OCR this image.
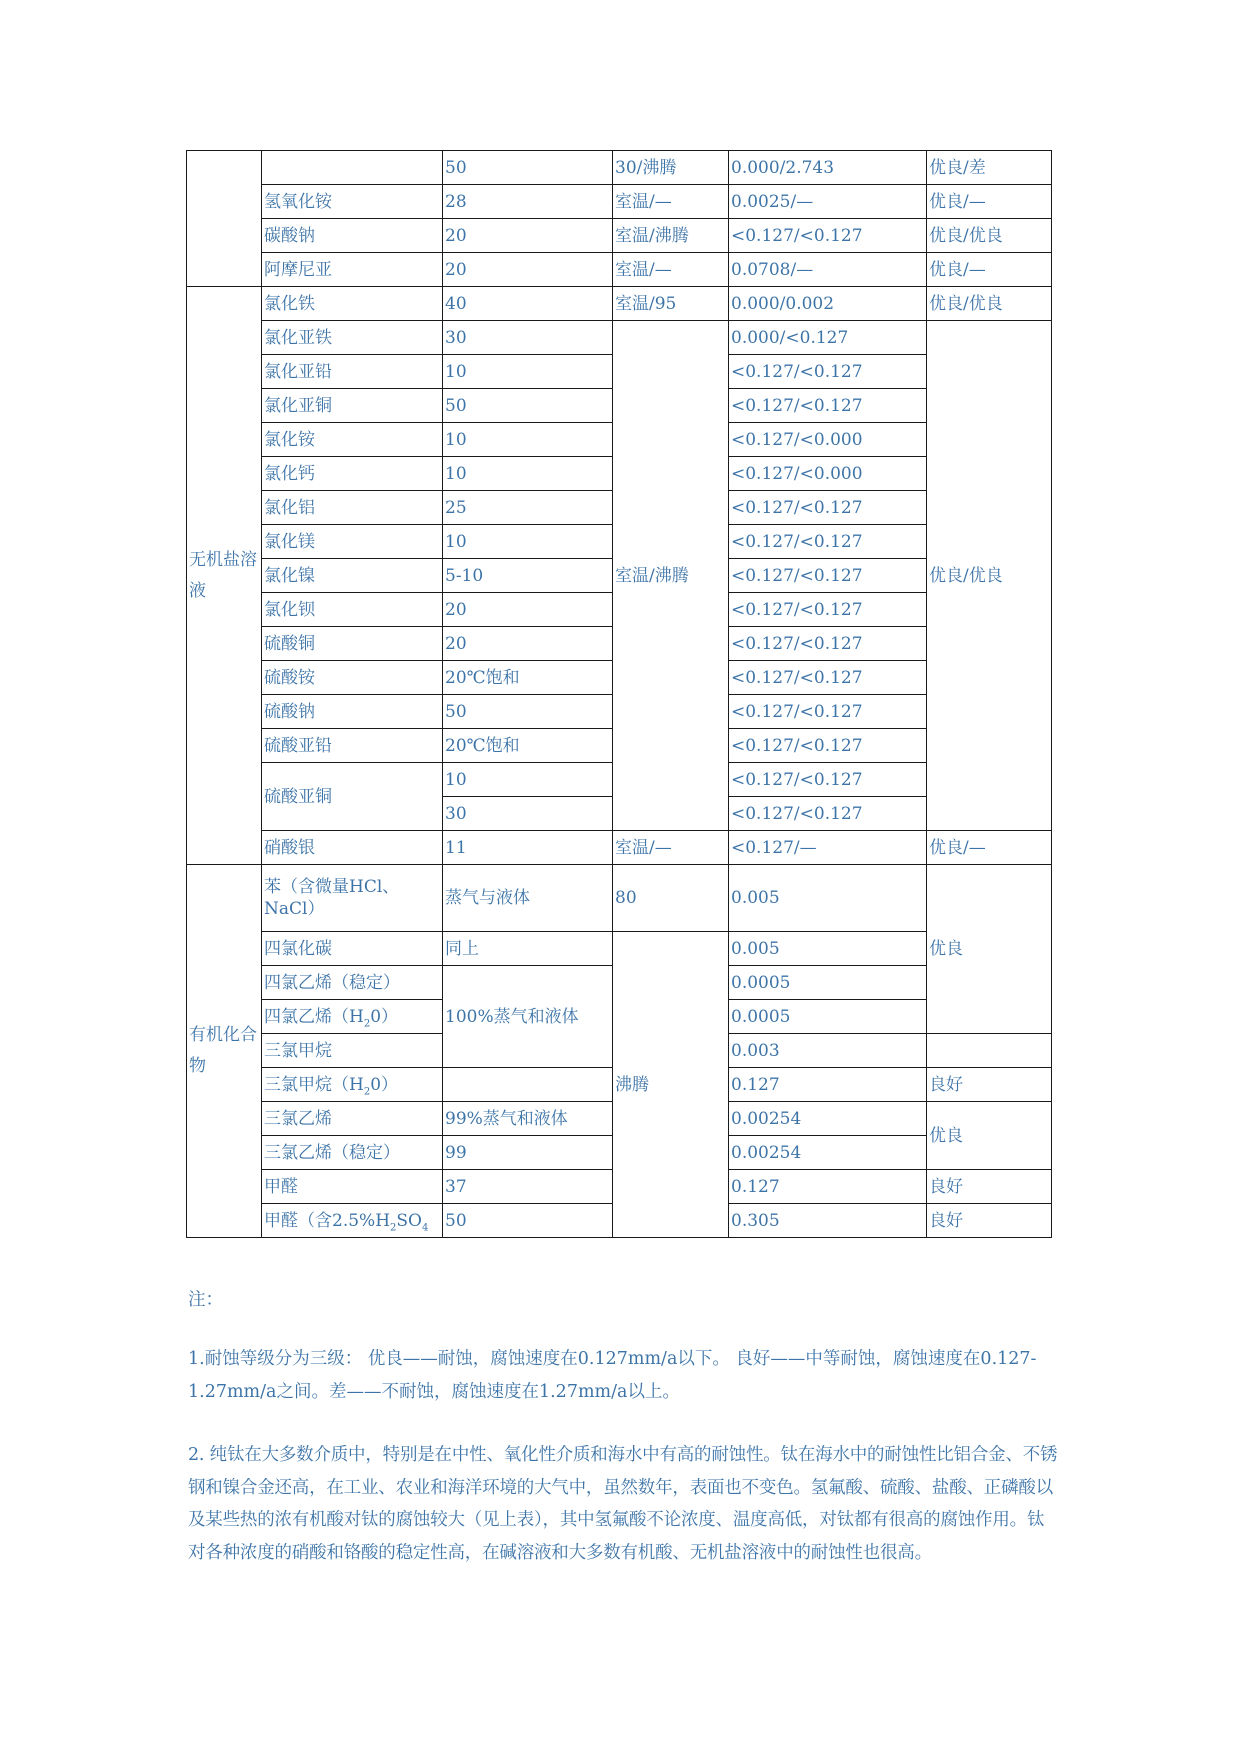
		50	30/沸腾	0.000/2.743	优良/差
	氢氧化铵	28	室温/—	0.0025/—	优良/—
	碳酸钠	20	室温/沸腾	<0.127/<0.127	优良/优良
	阿摩尼亚	20	室温/—	0.0708/—	优良/—
无机盐溶液	氯化铁	40	室温/95	0.000/0.002	优良/优良
	氯化亚铁	30	室温/沸腾	0.000/<0.127	优良/优良
	氯化亚铅	10		<0.127/<0.127	
	氯化亚铜	50		<0.127/<0.127	
	氯化铵	10		<0.127/<0.000	
	氯化钙	10		<0.127/<0.000	
	氯化铝	25		<0.127/<0.127	
	氯化镁	10		<0.127/<0.127	
	氯化镍	5-10		<0.127/<0.127	
	氯化钡	20		<0.127/<0.127	
	硫酸铜	20		<0.127/<0.127	
	硫酸铵	20℃饱和		<0.127/<0.127	
	硫酸钠	50		<0.127/<0.127	
	硫酸亚铅	20℃饱和		<0.127/<0.127	
	硫酸亚铜	10		<0.127/<0.127	
		30		<0.127/<0.127	
	硝酸银	11	室温/—	<0.127/—	优良/—
有机化合物	苯（含微量HCl、NaCl）	蒸气与液体	80	0.005	优良
	四氯化碳	同上	沸腾	0.005	
	四氯乙烯（稳定）	100%蒸气和液体		0.0005	
	四氯乙烯$(H_20)$			0.0005	
	三氯甲烷			0.003	
	三氯甲烷$(H_20)$			0.127	良好
	三氯乙烯	99%蒸气和液体		0.00254	优良
	三氯乙烯（稳定）	99		0.00254	
	甲醛	37		0.127	良好
	甲醛（含$2.5\%H_2SO_4$	50		0.305	良好
注：
1.耐蚀等级分为三级： 优良——耐蚀，腐蚀速度在0.127mm/a以下。 良好——中等耐蚀，腐蚀速度在0.127-1.27mm/a之间。差——不耐蚀，腐蚀速度在1.27mm/a以上。
2. 纯钛在大多数介质中，特别是在中性、氧化性介质和海水中有高的耐蚀性。钛在海水中的耐蚀性比铝合金、不锈钢和镍合金还高，在工业、农业和海洋环境的大气中，虽然数年，表面也不变色。氢氟酸、硫酸、盐酸、正磷酸以及某些热的浓有机酸对钛的腐蚀较大（见上表），其中氢氟酸不论浓度、温度高低，对钛都有很高的腐蚀作用。钛对各种浓度的硝酸和铬酸的稳定性高，在碱溶液和大多数有机酸、无机盐溶液中的耐蚀性也很高。
